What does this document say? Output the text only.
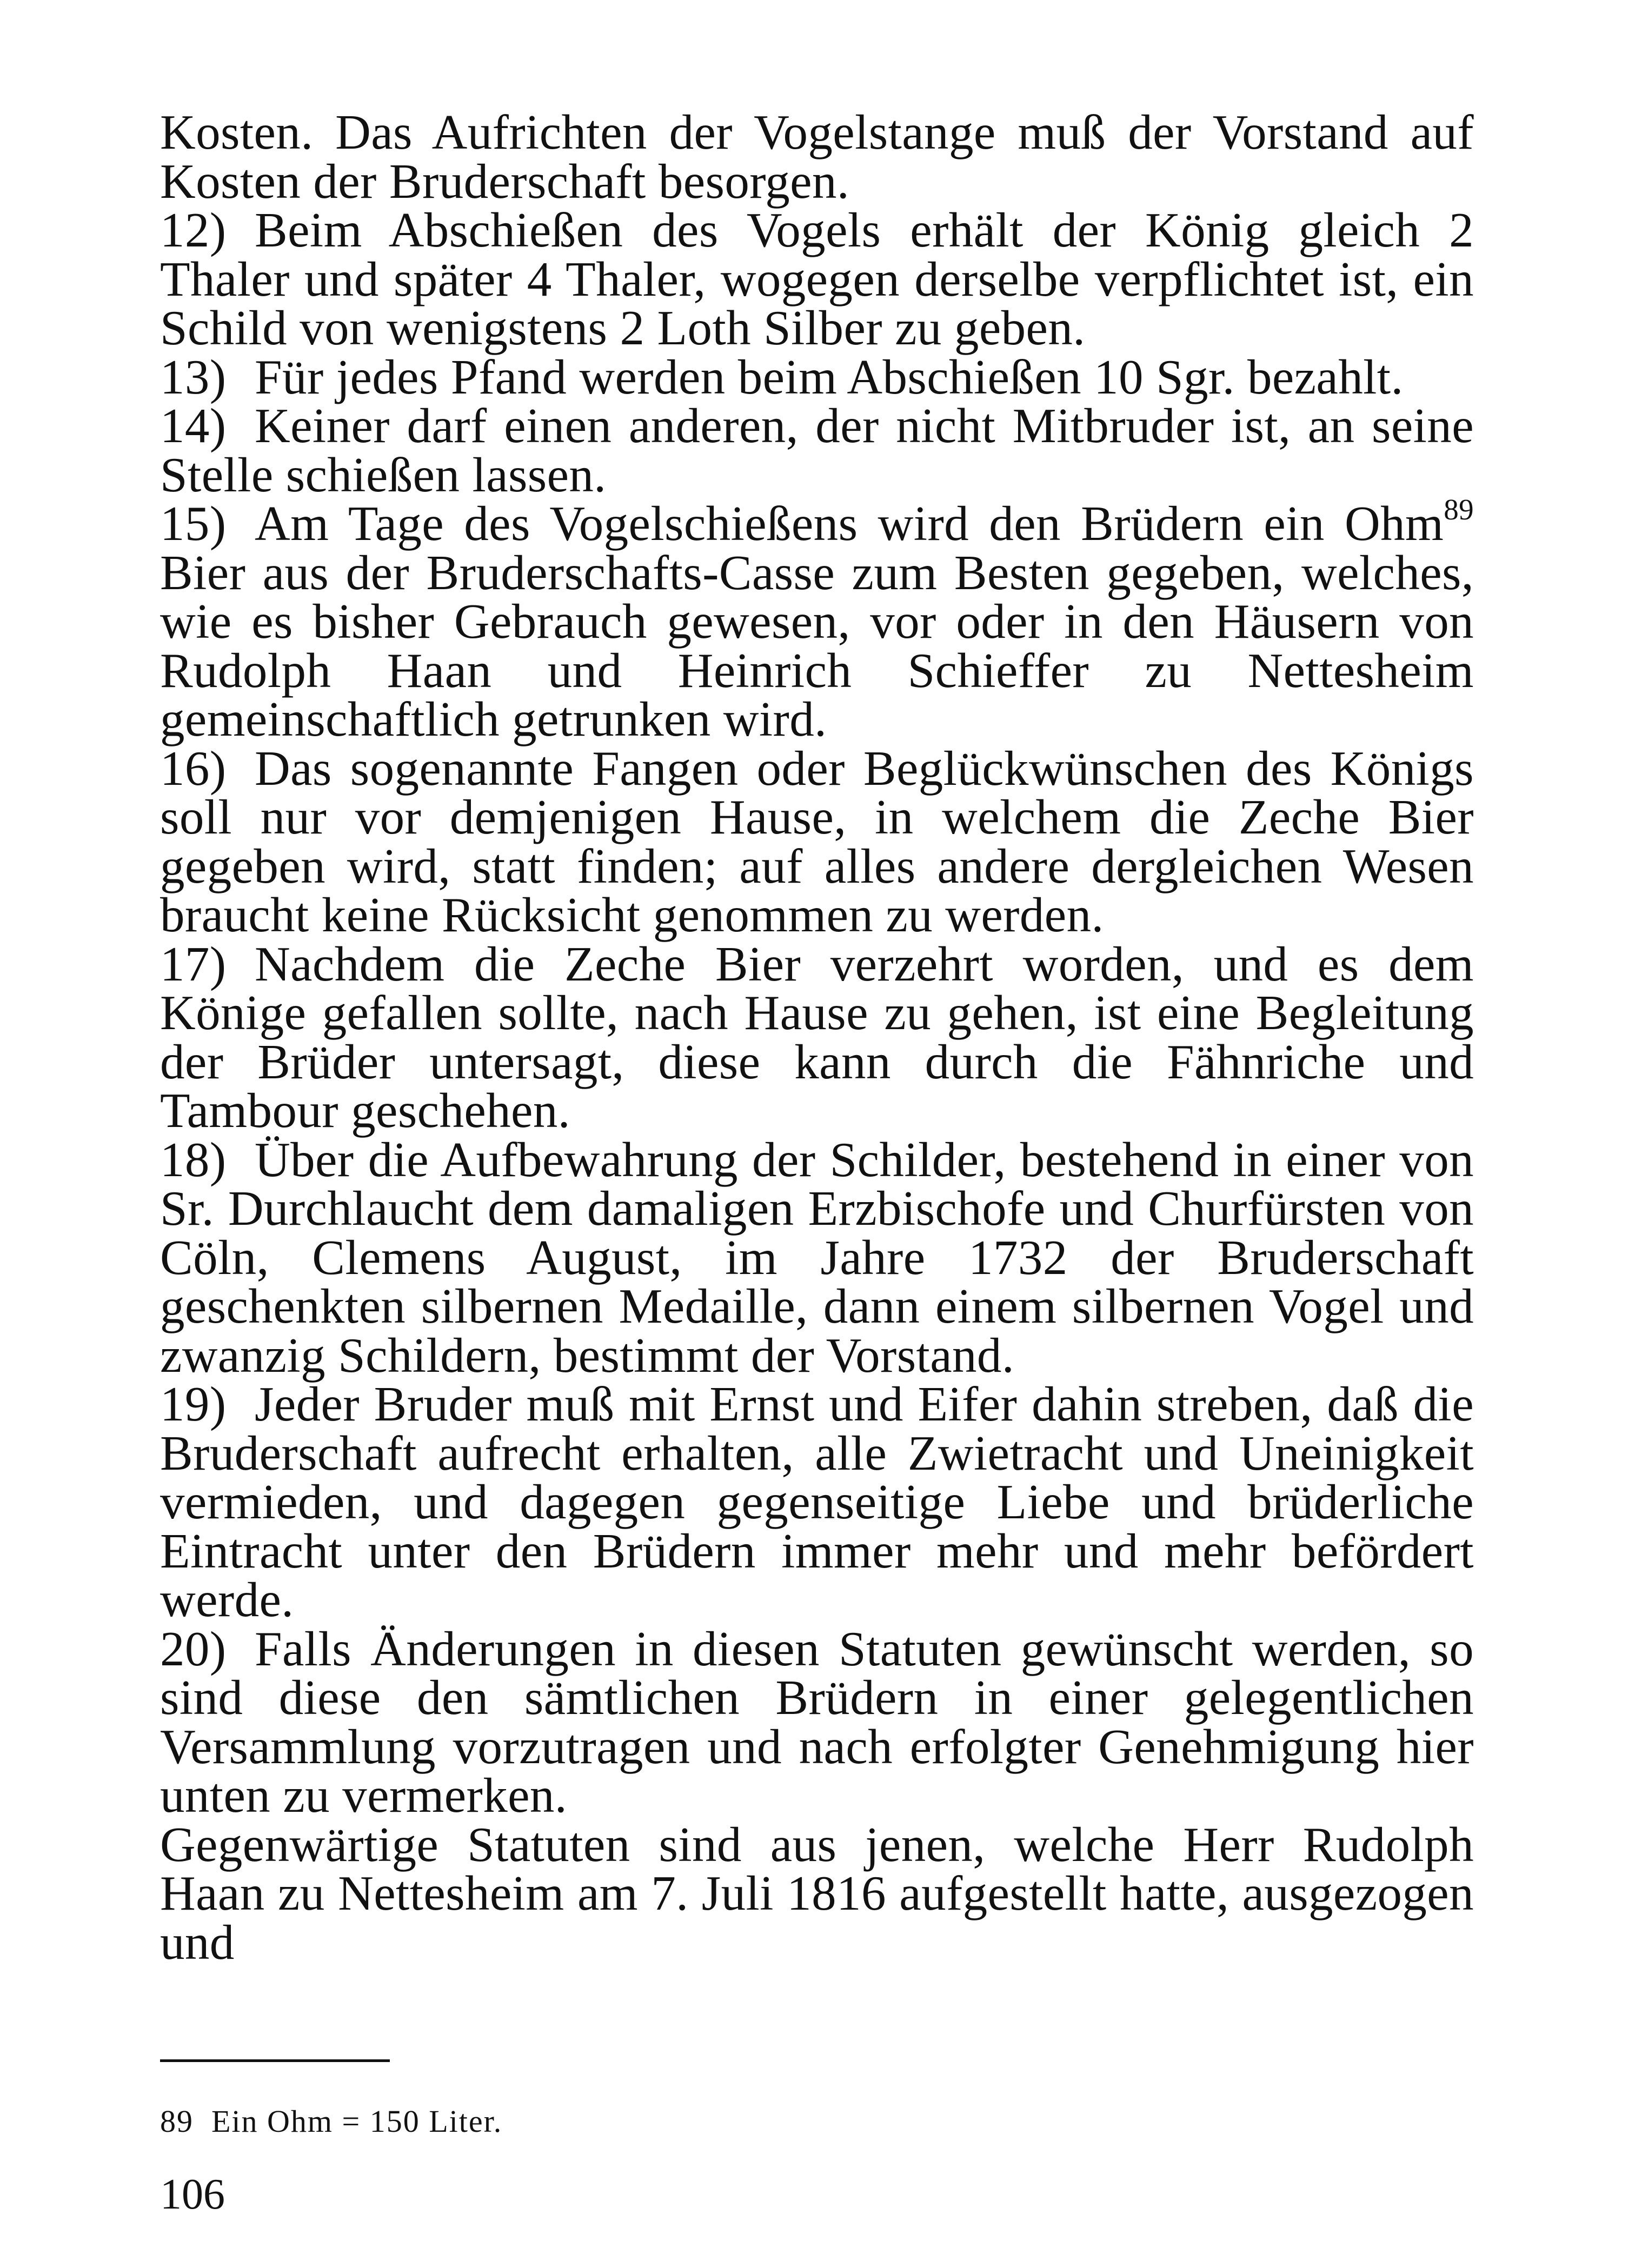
Kosten. Das Aufrichten der Vogelstange muß der Vorstand auf Kosten der Bruderschaft besorgen.

12) Beim Abschießen des Vogels erhält der König gleich 2 Thaler und später 4 Thaler, wogegen derselbe verpflichtet ist, ein Schild von wenigstens 2 Loth Silber zu geben.

13) Für jedes Pfand werden beim Abschießen 10 Sgr. bezahlt.

14) Keiner darf einen anderen, der nicht Mitbruder ist, an seine Stelle schießen lassen.

15) Am Tage des Vogelschießens wird den Brüdern ein Ohm$^{89}$ Bier aus der Bruderschafts-Casse zum Besten gegeben, welches, wie es bisher Gebrauch gewesen, vor oder in den Häusern von Rudolph Haan und Heinrich Schieffer zu Nettesheim gemeinschaftlich getrunken wird.

16) Das sogenannte Fangen oder Beglückwünschen des Königs soll nur vor demjenigen Hause, in welchem die Zeche Bier gegeben wird, statt finden; auf alles andere dergleichen Wesen braucht keine Rücksicht genommen zu werden.

17) Nachdem die Zeche Bier verzehrt worden, und es dem Könige gefallen sollte, nach Hause zu gehen, ist eine Begleitung der Brüder untersagt, diese kann durch die Fähnriche und Tambour geschehen.

18) Über die Aufbewahrung der Schilder, bestehend in einer von Sr. Durchlaucht dem damaligen Erzbischofe und Churfürsten von Cöln, Clemens August, im Jahre 1732 der Bruderschaft geschenkten silbernen Medaille, dann einem silbernen Vogel und zwanzig Schildern, bestimmt der Vorstand.

19) Jeder Bruder muß mit Ernst und Eifer dahin streben, daß die Bruderschaft aufrecht erhalten, alle Zwietracht und Uneinigkeit vermieden, und dagegen gegenseitige Liebe und brüderliche Eintracht unter den Brüdern immer mehr und mehr befördert werde.

20) Falls Änderungen in diesen Statuten gewünscht werden, so sind diese den sämtlichen Brüdern in einer gelegentlichen Versammlung vorzutragen und nach erfolgter Genehmigung hier unten zu vermerken.

Gegenwärtige Statuten sind aus jenen, welche Herr Rudolph Haan zu Nettesheim am 7. Juli 1816 aufgestellt hatte, ausgezogen und

89 Ein Ohm = 150 Liter.
106
